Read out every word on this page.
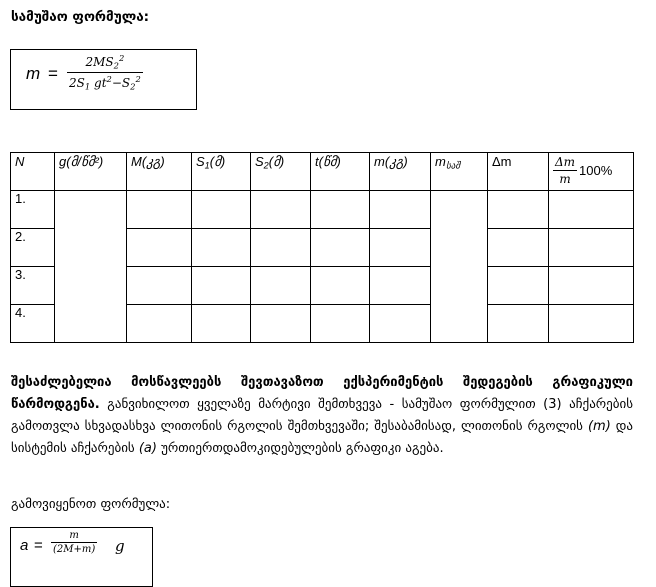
სამუშაო ფორმულა:
m =
$2MS_2^2$
$2S_1$ $gt^2-S_2^2$
N	g(მ/წმ²)	M(კგ)	$S_1(მ)$	$S_2(მ)$	t(წმ)	m(კგ)	$m_{საშ}$	Δm	$\frac{\Delta m}{m} 100\%$

1.									
2.									
3.									
4.									
შესაძლებელია მოსწავლეებს შევთავაზოთ ექსპერიმენტის შედეგების გრაფიკული წარმოდგენა. განვიხილოთ ყველაზე მარტივი შემთხვევა - სამუშაო ფორმულით (3) აჩქარების გამოთვლა სხვადასხვა ლითონის რგოლის შემთხვევაში; შესაბამისად, ლითონის რგოლის (m) და სისტემის აჩქარების (a) ურთიერთდამოკიდებულების გრაფიკი აგება.
გამოვიყენოთ ფორმულა:
a =
m
(2M+m) g
